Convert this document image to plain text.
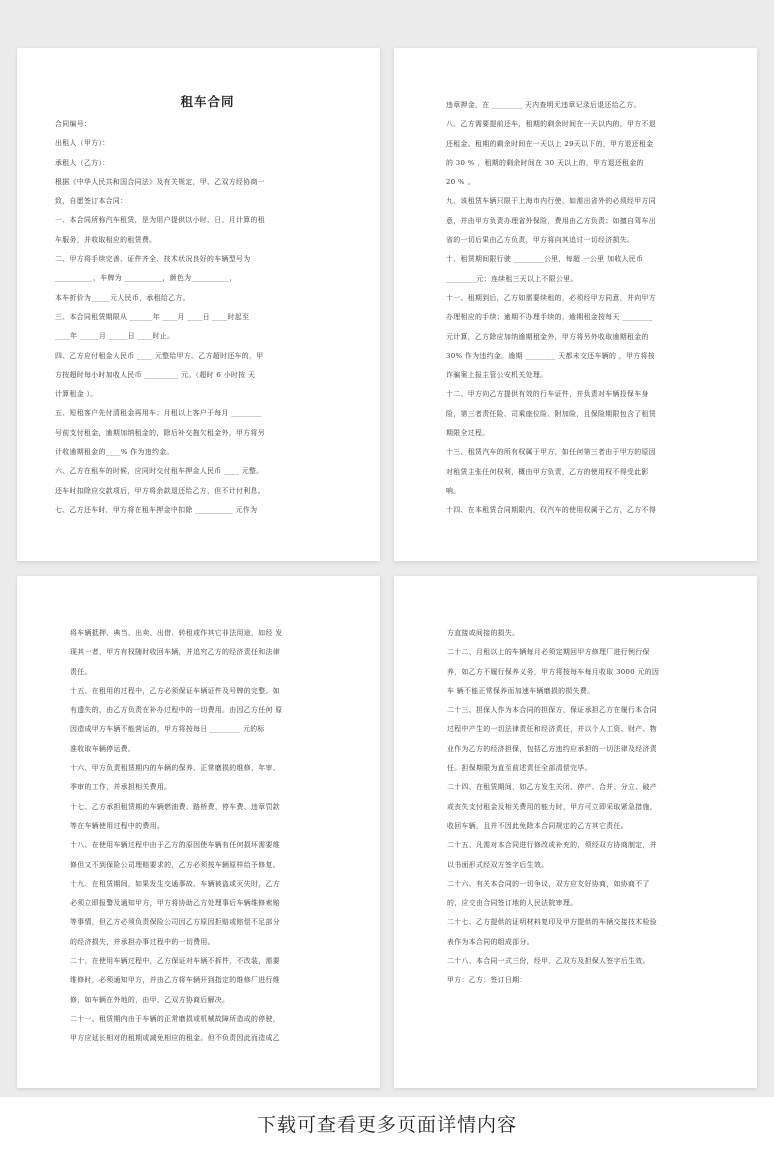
租车合同
合同编号：
出租人（甲方）：
承租人（乙方）：
根据《中华人民共和国合同法》及有关规定，甲、乙双方经协商一
致，自愿签订本合同：
一、本合同所称汽车租赁，是为用户提供以小时、日、月计算的租
车服务，并收取相应的租赁费。
二、甲方将手续完善、证件齐全、技术状况良好的车辆型号为
__________，车牌为 __________，颜色为__________，
本车折价为_____元人民币，承租给乙方。
三、本合同租赁期限从 ______年 ____月 ____日 ____时起至
____年 _____月 _____日 ____时止。
四、乙方应付租金人民币 ____ 元整给甲方。乙方超时还车的，甲
方按超时每小时加收人民币 _________ 元。（超时 6 小时按 天
计算租金 ）。
五、短租客户先付清租金再用车；月租以上客户于每月 ________
号前支付租金，逾期加纳租金的，除后补交拖欠租金外，甲方将另
计收逾期租金的____% 作为违约金。
六、乙方在租车的时候，应同时交付租车押金人民币 ____ 元整。
还车时扣除应交款项后，甲方将余款退还给乙方，但不计付利息。
七、乙方还车时，甲方将在租车押金中扣除 __________ 元作为
违章押金，在 ________ 天内查明无违章记录后退还给乙方。
八、乙方需要提前还车，租期的剩余时间在一天以内的，甲方不退
还租金。租期的剩余时间在一天以上 29天以下的，甲方退还租金
的 30 % ，租期的剩余时间在 30 天以上的，甲方退还租金的
20 % 。
九、该租赁车辆只限于上海市内行使，如需出省外的必须经甲方同
意，并由甲方负责办理省外保险，费用由乙方负责；如擅自驾车出
省的一切后果由乙方负责，甲方将向其追讨一切经济损失。
十、租赁期间限行驶 ________公里，每超 一公里 加收人民币
________元；连续租三天以上不限公里。
十一、租期到后，乙方如需要续租的，必须经甲方同意，并向甲方
办理相应的手续；逾期不办理手续的，逾期租金按每天 ________
元计算，乙方除应加纳逾期租金外，甲方将另外收取逾期租金的
30% 作为违约金。逾期 ________ 天都未交还车辆的 ，甲方将按
诈骗案上报主管公安机关处理。
十二、甲方向乙方提供有效的行车证件，并负责对车辆投保车身
险，第三者责任险、司乘座位险、附加险，且保险期限包含了租赁
期限全过程。
十三、租赁汽车的所有权属于甲方，如任何第三者由于甲方的原因
对租赁主张任何权利，概由甲方负责，乙方的使用权不得受此影
响。
十四、在本租赁合同期限内，仅汽车的使用权属于乙方，乙方不得
将车辆抵押、典当、出卖、出借、转租或作其它非法用途，如经 发
现其一者，甲方有权随时收回车辆，并追究乙方的经济责任和法律
责任。
十五、在租用的过程中，乙方必须保证车辆证件及号牌的完整。如
有遗失的，由乙方负责在补办过程中的一切费用。由因乙方任何 原
因造成甲方车辆不能营运的，甲方将按每日 ________ 元的标
准收取车辆停运费。
十六、甲方负责租赁期内的车辆的保养、正常磨损的维修、年审、
季审的工作，并承担相关费用。
十七、乙方承担租赁期的车辆燃油费、路桥费、停车费、违章罚款
等在车辆使用过程中的费用。
十八、在使用车辆过程中由于乙方的原因使车辆有任何损坏需要维
修但又不到保险公司理赔要求的，乙方必须按车辆原样给予修复。
十九、在租赁期间，如果发生交通事故、车辆被盗或灭失时，乙方
必须立即报警及通知甲方，甲方将协助乙方处理事后车辆维修索赔
等事情，但乙方必须负责保险公司因乙方原因拒赔或赔偿不足部分
的经济损失，并承担办事过程中的一切费用。
二十、在使用车辆过程中，乙方保证对车辆不拆件，不改装，需要
维修时，必须通知甲方，并由乙方将车辆开到指定的维修厂进行维
修，如车辆在外地的，由甲、乙双方协商后解决。
二十一、租赁期内由于车辆的正常磨损或机械故障所造成的停驶，
甲方应延长相对的租期或减免相应的租金。但不负责因此而造成乙
方直接或间接的损失。
二十二、月租以上的车辆每月必须定期回甲方修理厂进行例行保
养，如乙方不履行保养义务，甲方将按每车每月收取 3000 元的因
车 辆不能正常保养而加速车辆磨损的损失费。
二十三、担保人作为本合同的担保方，保证承担乙方在履行本合同
过程中产生的一切法律责任和经济责任，并以个人工资、财产、物
业作为乙方的经济担保，包括乙方违约应承担的一切法律及经济责
任。担保期限为直至前述责任全部清偿完毕。
二十四、在租赁期间，如乙方发生关闭、停产、合并、分立、破产
或丧失支付租金及相关费用的能力时，甲方可立即采取紧急措施，
收回车辆，且并不因此免除本合同规定的乙方其它责任。
二十五、凡需对本合同进行修改或补充的，须经双方协商制定，并
以书面形式经双方签字后生效。
二十六、有关本合同的一切争议，双方应友好协商，如协商不了
的，应交由合同签订地的人民法院审理。
二十七、乙方提供的证明材料复印及甲方提供的车辆交接技术检验
表作为本合同的组成部分。
二十八、本合同一式三份，经甲、乙双方及担保人签字后生效。
甲方：乙方：签订日期：
下载可查看更多页面详情内容
